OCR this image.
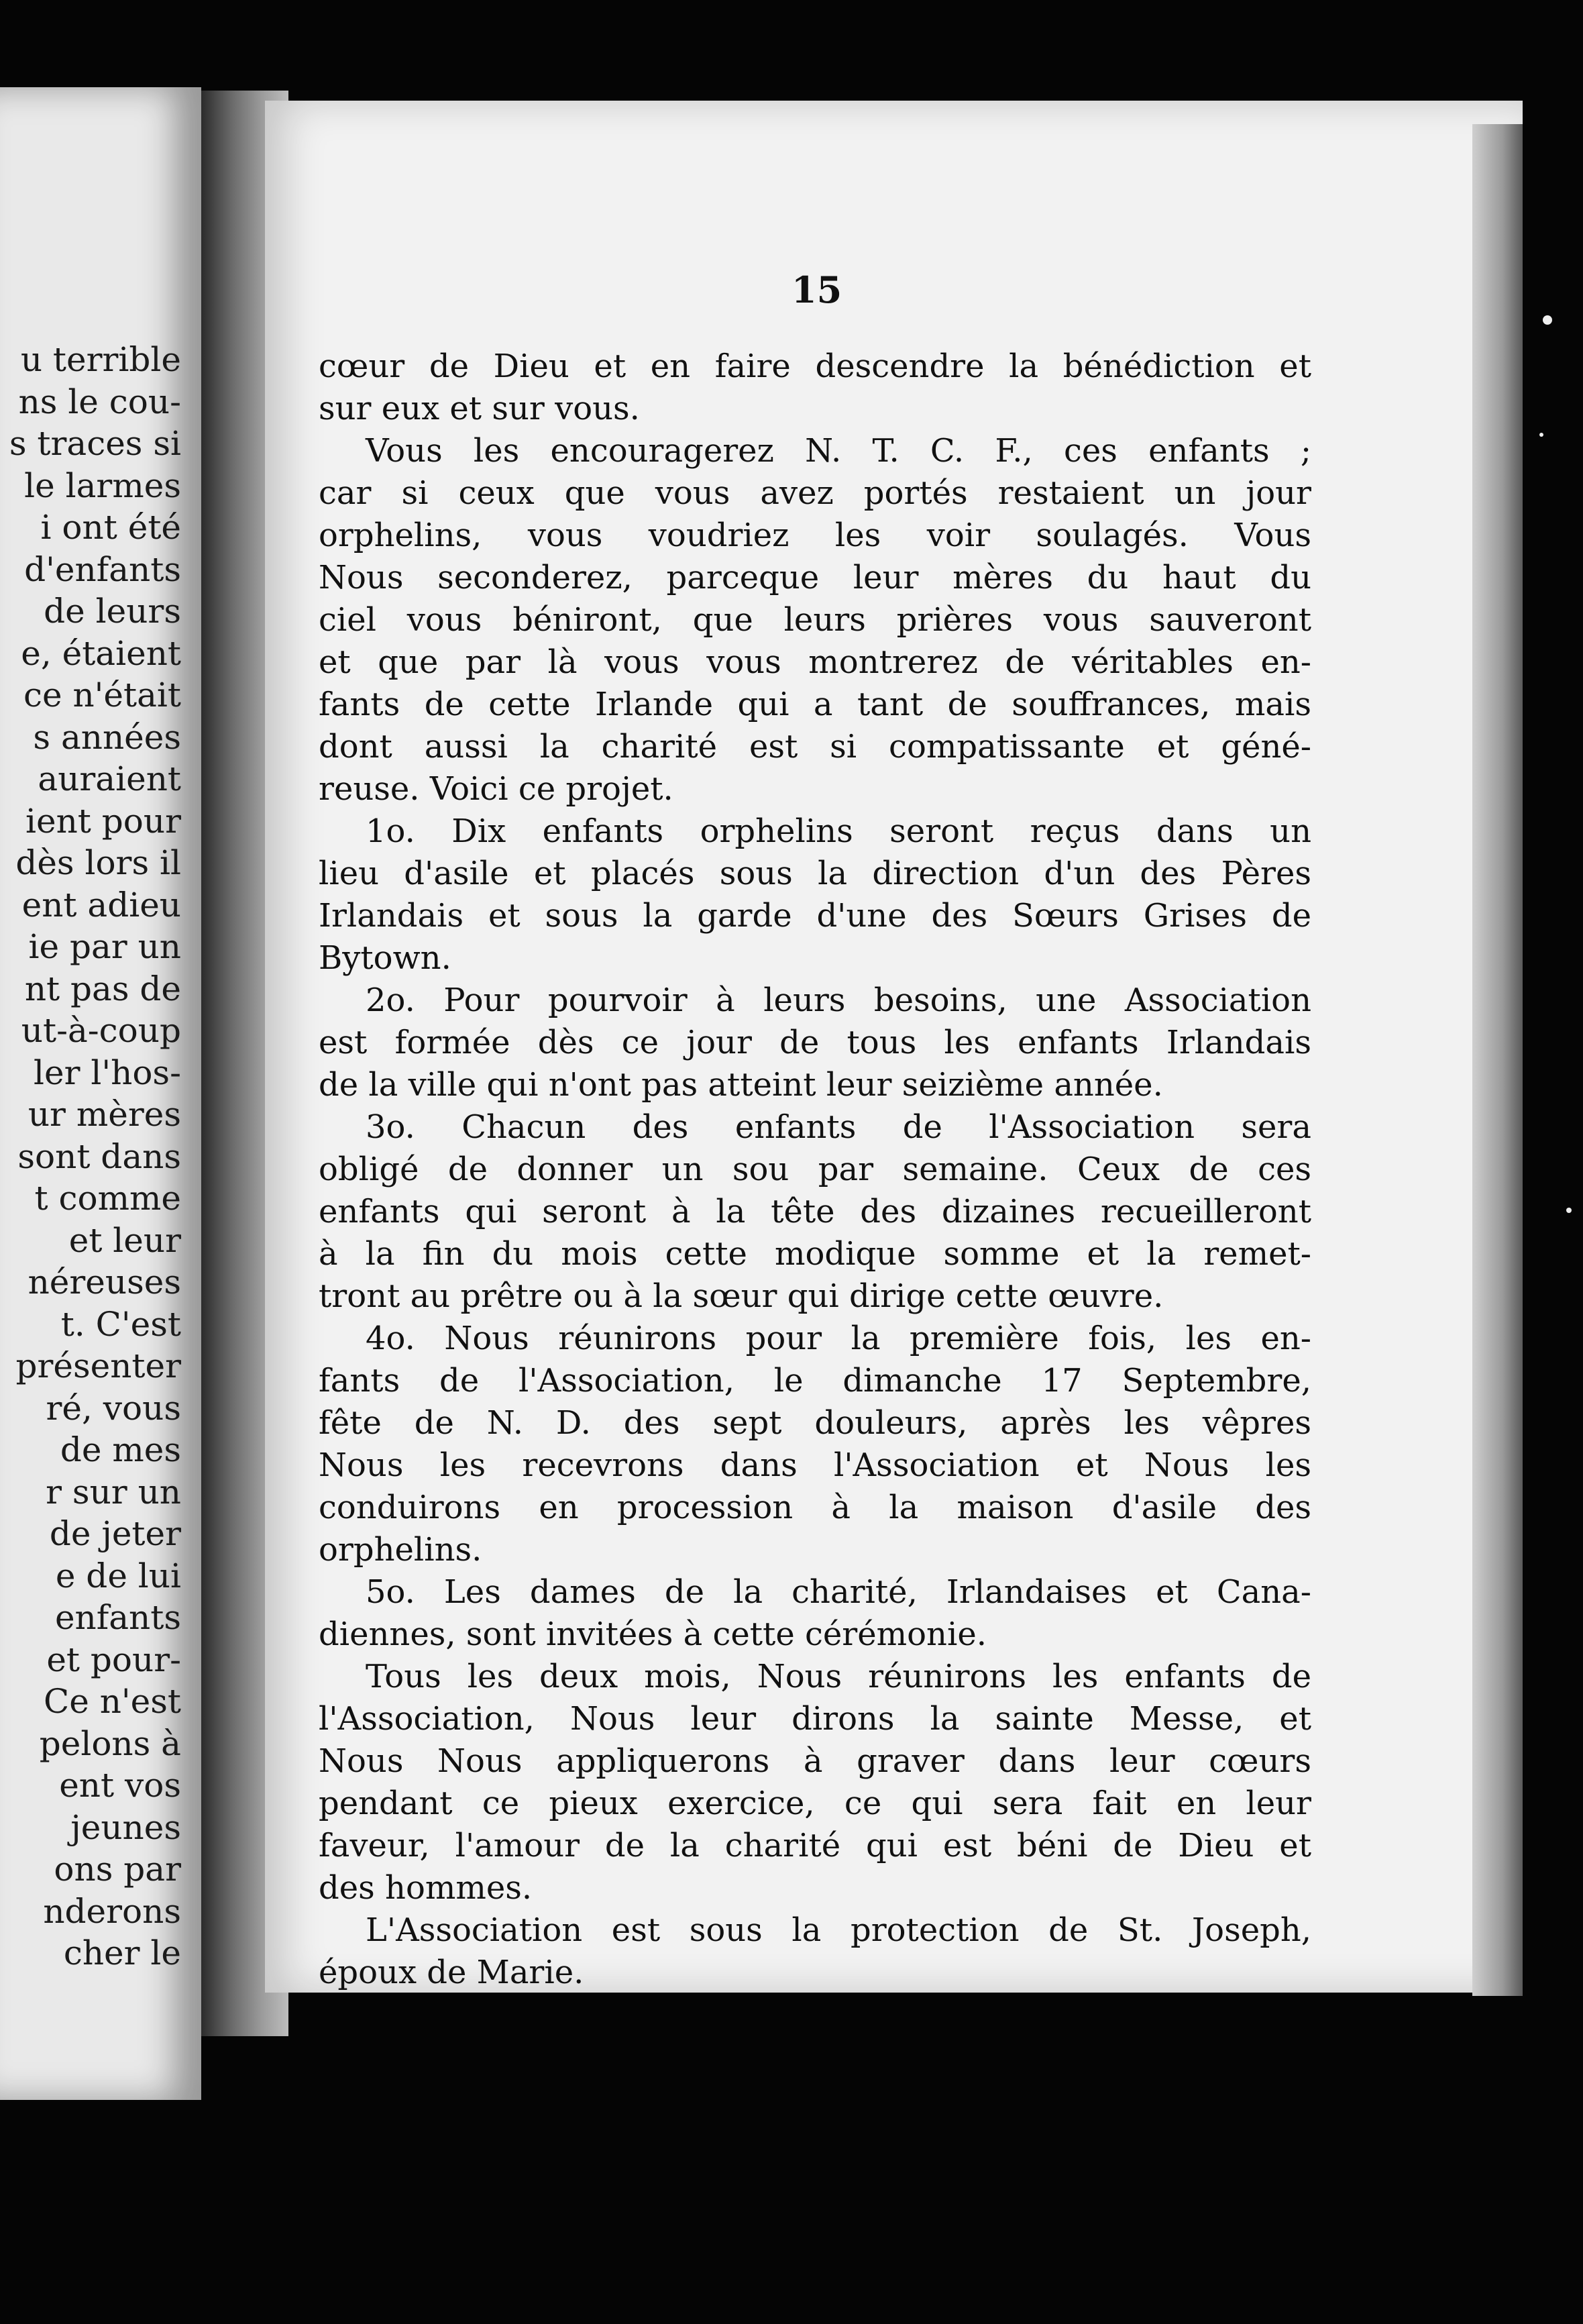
u terrible
ns le cou-
s traces si
le larmes
i ont été
d'enfants
de leurs
e, étaient
ce n'était
s années
auraient
ient pour
dès lors il
ent adieu
ie par un
nt pas de
ut-à-coup
ler l'hos-
ur mères
sont dans
t comme
et leur
néreuses
t. C'est
présenter
ré, vous
de mes
r sur un
de jeter
e de lui
enfants
et pour-
Ce n'est
pelons à
ent vos
jeunes
ons par
nderons
cher le
15
cœur de Dieu et en faire descendre la bénédiction et
sur eux et sur vous.
Vous les encouragerez N. T. C. F., ces enfants ;
car si ceux que vous avez portés restaient un jour
orphelins, vous voudriez les voir soulagés. Vous
Nous seconderez, parceque leur mères du haut du
ciel vous béniront, que leurs prières vous sauveront
et que par là vous vous montrerez de véritables en-
fants de cette Irlande qui a tant de souffrances, mais
dont aussi la charité est si compatissante et géné-
reuse. Voici ce projet.
1o. Dix enfants orphelins seront reçus dans un
lieu d'asile et placés sous la direction d'un des Pères
Irlandais et sous la garde d'une des Sœurs Grises de
Bytown.
2o. Pour pourvoir à leurs besoins, une Association
est formée dès ce jour de tous les enfants Irlandais
de la ville qui n'ont pas atteint leur seizième année.
3o. Chacun des enfants de l'Association sera
obligé de donner un sou par semaine. Ceux de ces
enfants qui seront à la tête des dizaines recueilleront
à la fin du mois cette modique somme et la remet-
tront au prêtre ou à la sœur qui dirige cette œuvre.
4o. Nous réunirons pour la première fois, les en-
fants de l'Association, le dimanche 17 Septembre,
fête de N. D. des sept douleurs, après les vêpres
Nous les recevrons dans l'Association et Nous les
conduirons en procession à la maison d'asile des
orphelins.
5o. Les dames de la charité, Irlandaises et Cana-
diennes, sont invitées à cette cérémonie.
Tous les deux mois, Nous réunirons les enfants de
l'Association, Nous leur dirons la sainte Messe, et
Nous Nous appliquerons à graver dans leur cœurs
pendant ce pieux exercice, ce qui sera fait en leur
faveur, l'amour de la charité qui est béni de Dieu et
des hommes.
L'Association est sous la protection de St. Joseph,
époux de Marie.
